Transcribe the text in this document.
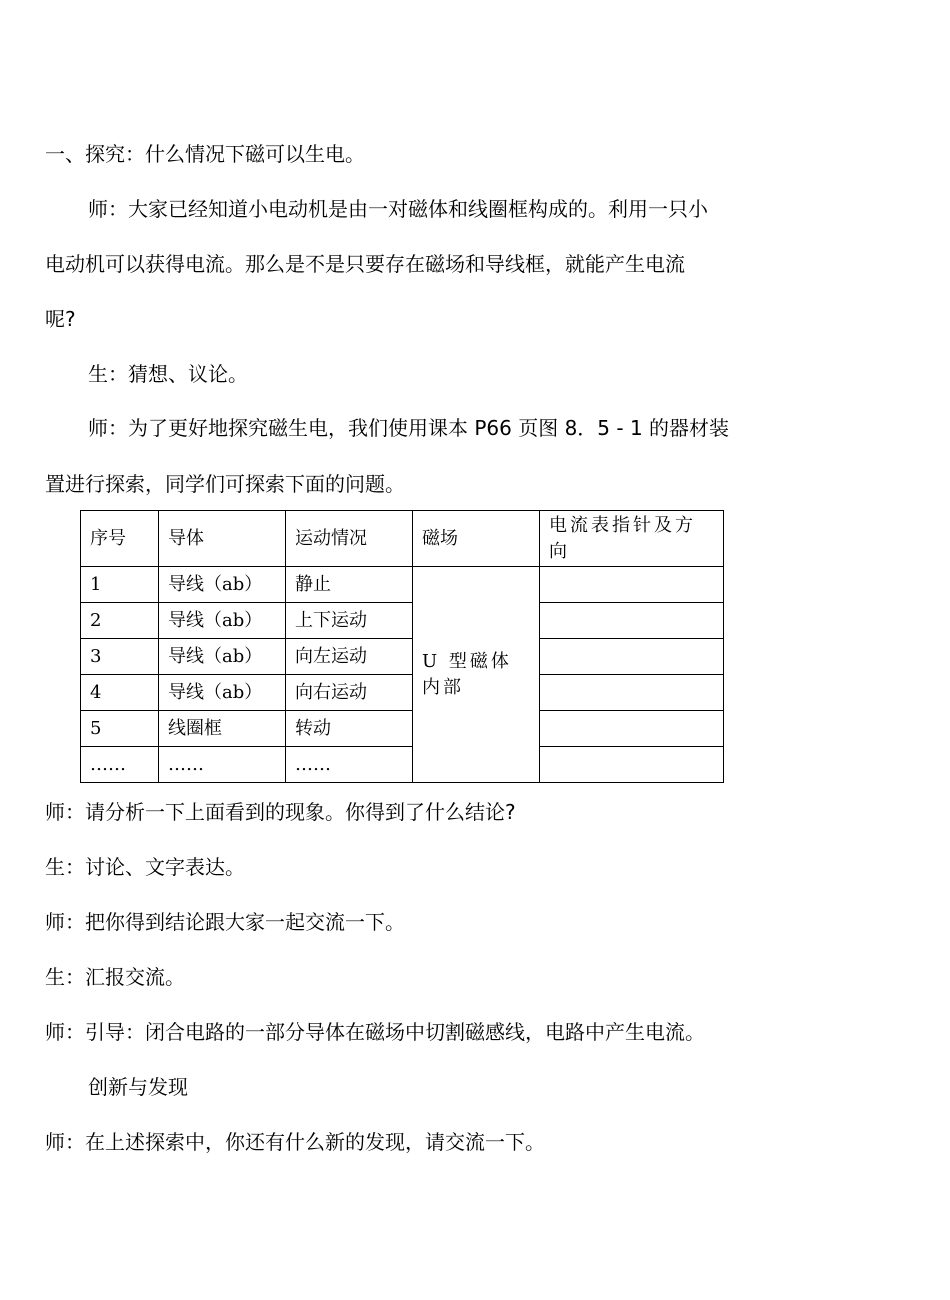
一、探究：什么情况下磁可以生电。
师：大家已经知道小电动机是由一对磁体和线圈框构成的。利用一只小
电动机可以获得电流。那么是不是只要存在磁场和导线框，就能产生电流
呢?
生：猜想、议论。
师：为了更好地探究磁生电，我们使用课本 P66 页图 8．5 - 1 的器材装
置进行探索，同学们可探索下面的问题。
序号	导体	运动情况	磁场	电流表指针及方向
1	导线（ab）	静止	U 型磁体内部	
2	导线（ab）	上下运动		
3	导线（ab）	向左运动		
4	导线（ab）	向右运动		
5	线圈框	转动		
……	……	……		
师：请分析一下上面看到的现象。你得到了什么结论?
生：讨论、文字表达。
师：把你得到结论跟大家一起交流一下。
生：汇报交流。
师：引导：闭合电路的一部分导体在磁场中切割磁感线，电路中产生电流。
创新与发现
师：在上述探索中，你还有什么新的发现，请交流一下。
